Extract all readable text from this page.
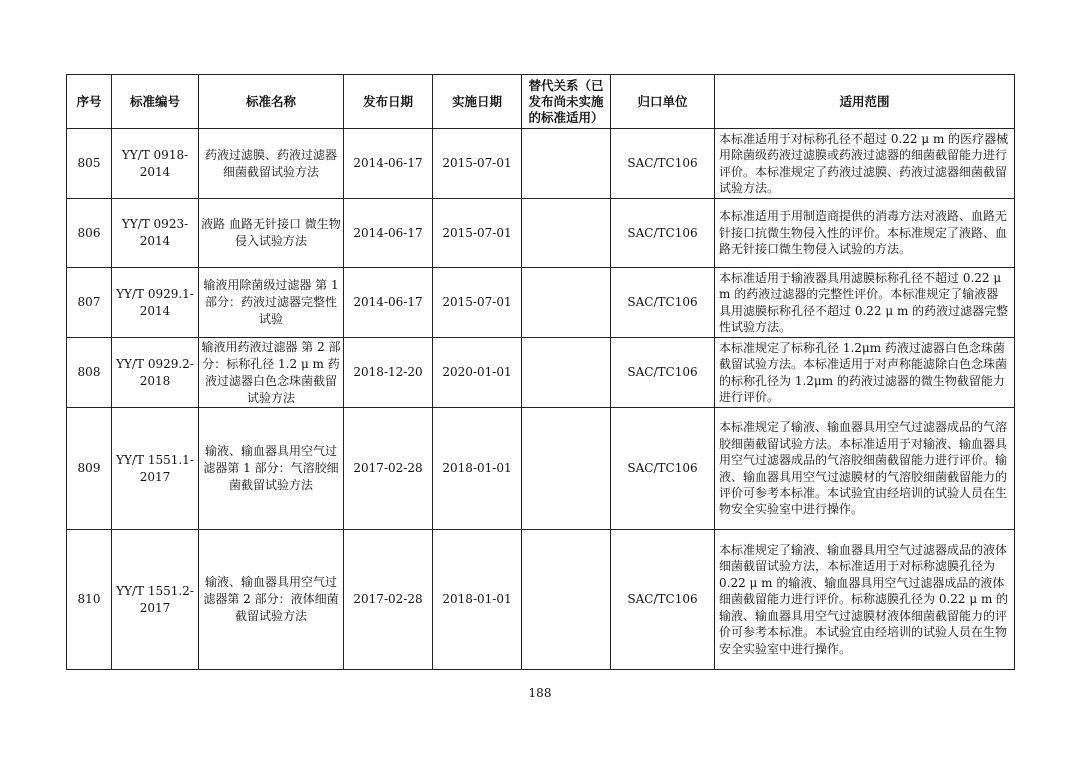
序号	标准编号	标准名称	发布日期	实施日期	替代关系（已发布尚未实施的标准适用）	归口单位	适用范围
805	YY/T 0918-2014	药液过滤膜、药液过滤器细菌截留试验方法	2014-06-17	2015-07-01		SAC/TC106	本标准适用于对标称孔径不超过 0.22 μ m 的医疗器械用除菌级药液过滤膜或药液过滤器的细菌截留能力进行评价。本标准规定了药液过滤膜、药液过滤器细菌截留试验方法。
806	YY/T 0923-2014	液路 血路无针接口 微生物侵入试验方法	2014-06-17	2015-07-01		SAC/TC106	本标准适用于用制造商提供的消毒方法对液路、血路无针接口抗微生物侵入性的评价。本标准规定了液路、血路无针接口微生物侵入试验的方法。
807	YY/T 0929.1-2014	输液用除菌级过滤器 第 1 部分：药液过滤器完整性试验	2014-06-17	2015-07-01		SAC/TC106	本标准适用于输液器具用滤膜标称孔径不超过 0.22 μ m 的药液过滤器的完整性评价。本标准规定了输液器具用滤膜标称孔径不超过 0.22 μ m 的药液过滤器完整性试验方法。
808	YY/T 0929.2-2018	输液用药液过滤器 第 2 部分：标称孔径 1.2 μ m 药液过滤器白色念珠菌截留试验方法	2018-12-20	2020-01-01		SAC/TC106	本标准规定了标称孔径 1.2μm 药液过滤器白色念珠菌截留试验方法。本标准适用于对声称能滤除白色念珠菌的标称孔径为 1.2μm 的药液过滤器的微生物截留能力进行评价。
809	YY/T 1551.1-2017	输液、输血器具用空气过滤器第 1 部分：气溶胶细菌截留试验方法	2017-02-28	2018-01-01		SAC/TC106	本标准规定了输液、输血器具用空气过滤器成品的气溶胶细菌截留试验方法。本标准适用于对输液、输血器具用空气过滤器成品的气溶胶细菌截留能力进行评价。输液、输血器具用空气过滤膜材的气溶胶细菌截留能力的评价可参考本标准。本试验宜由经培训的试验人员在生物安全实验室中进行操作。
810	YY/T 1551.2-2017	输液、输血器具用空气过滤器第 2 部分：液体细菌截留试验方法	2017-02-28	2018-01-01		SAC/TC106	本标准规定了输液、输血器具用空气过滤器成品的液体细菌截留试验方法，本标准适用于对标称滤膜孔径为 0.22 μ m 的输液、输血器具用空气过滤器成品的液体细菌截留能力进行评价。标称滤膜孔径为 0.22 μ m 的输液、输血器具用空气过滤膜材液体细菌截留能力的评价可参考本标准。本试验宜由经培训的试验人员在生物安全实验室中进行操作。
188
